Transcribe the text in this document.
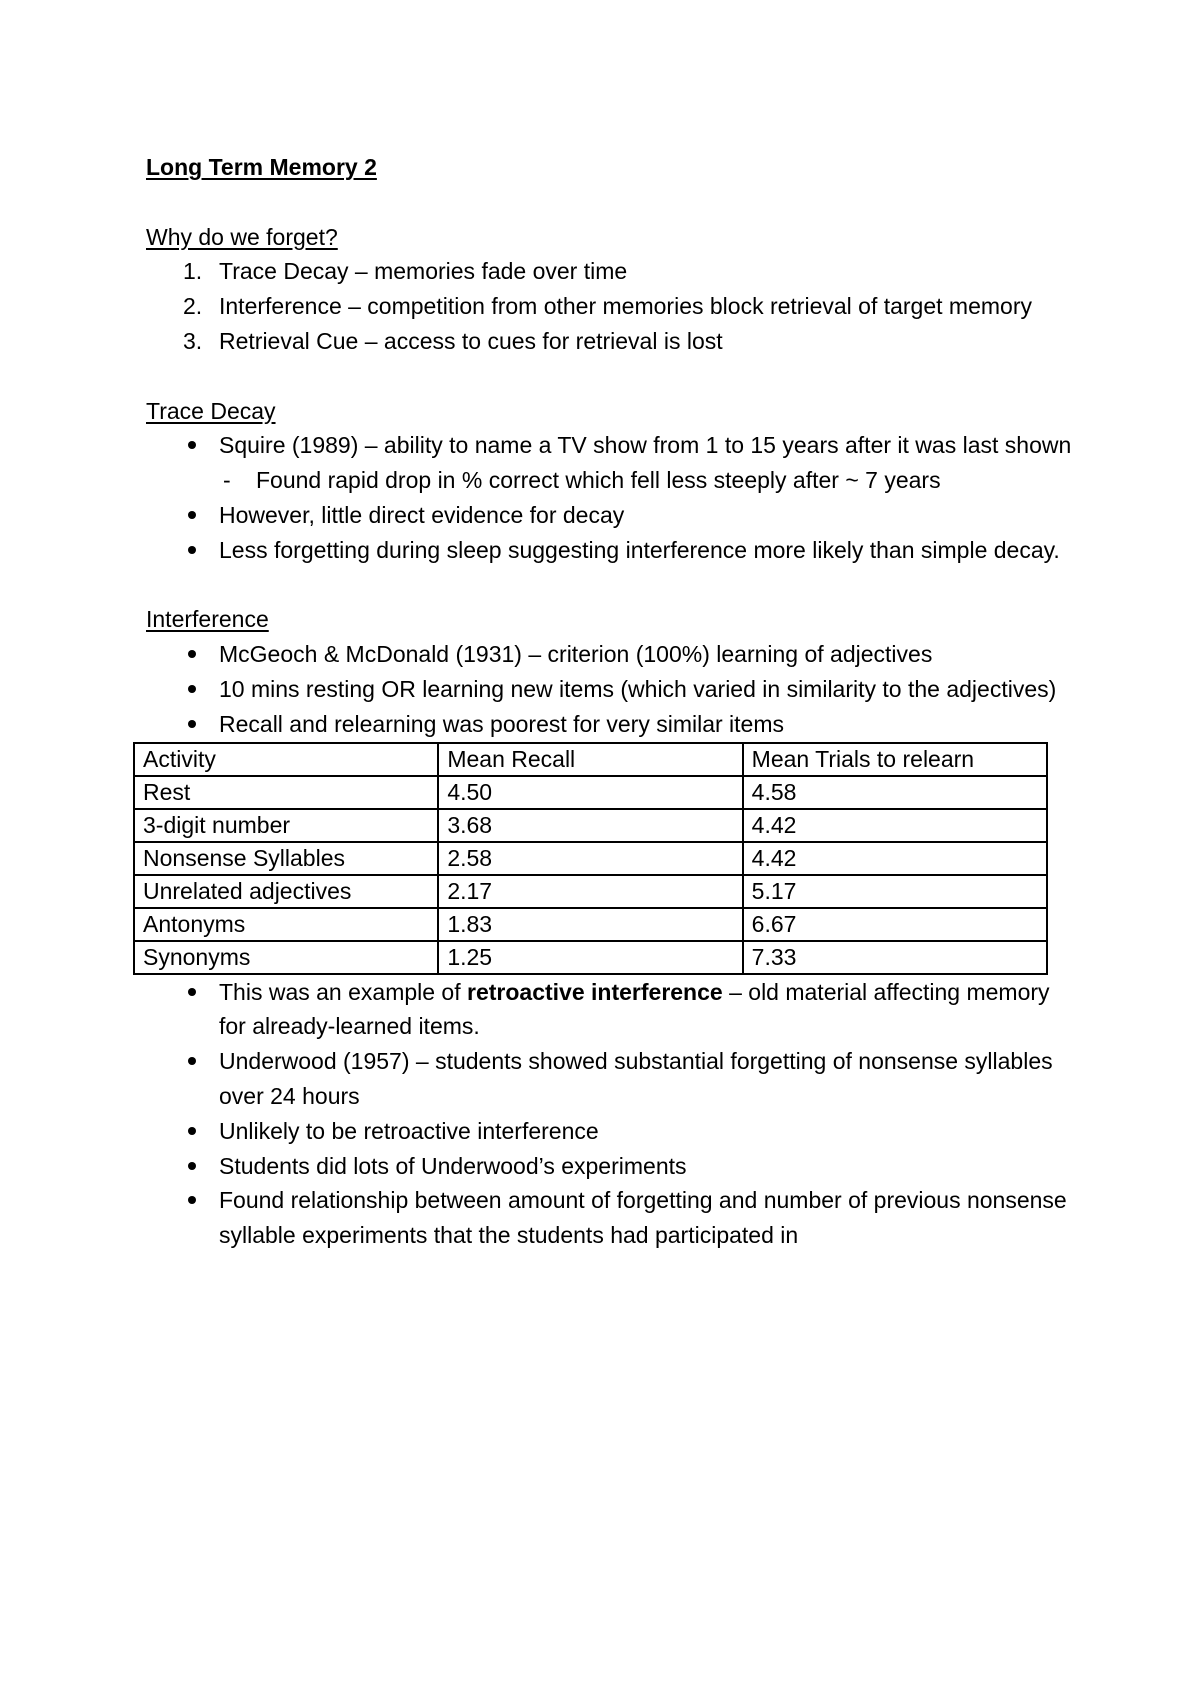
Long Term Memory 2

Why do we forget?

1. Trace Decay – memories fade over time
2. Interference – competition from other memories block retrieval of target memory
3. Retrieval Cue – access to cues for retrieval is lost

Trace Decay

Squire (1989) – ability to name a TV show from 1 to 15 years after it was last shown
- Found rapid drop in % correct which fell less steeply after ~ 7 years
However, little direct evidence for decay
Less forgetting during sleep suggesting interference more likely than simple decay.

Interference

McGeoch & McDonald (1931) – criterion (100%) learning of adjectives
10 mins resting OR learning new items (which varied in similarity to the adjectives)
Recall and relearning was poorest for very similar items
Activity	Mean Recall	Mean Trials to relearn
Rest	4.50	4.58
3-digit number	3.68	4.42
Nonsense Syllables	2.58	4.42
Unrelated adjectives	2.17	5.17
Antonyms	1.83	6.67
Synonyms	1.25	7.33
This was an example of retroactive interference – old material affecting memory for already-learned items.
Underwood (1957) – students showed substantial forgetting of nonsense syllables over 24 hours
Unlikely to be retroactive interference
Students did lots of Underwood’s experiments
Found relationship between amount of forgetting and number of previous nonsense syllable experiments that the students had participated in
